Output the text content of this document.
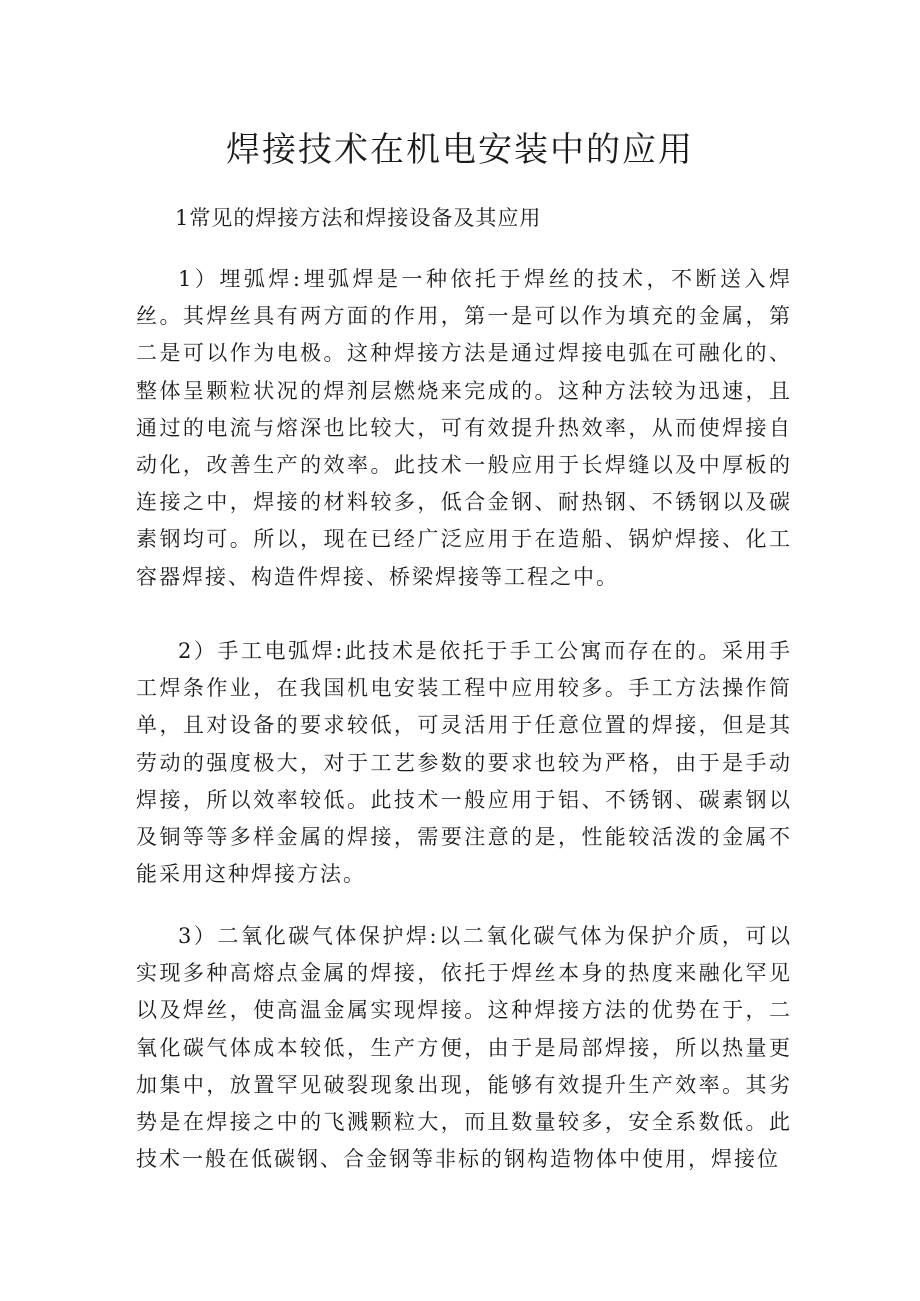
焊接技术在机电安装中的应用

1常见的焊接方法和焊接设备及其应用

1）埋弧焊:埋弧焊是一种依托于焊丝的技术，不断送入焊丝。其焊丝具有两方面的作用，第一是可以作为填充的金属，第二是可以作为电极。这种焊接方法是通过焊接电弧在可融化的、整体呈颗粒状况的焊剂层燃烧来完成的。这种方法较为迅速，且通过的电流与熔深也比较大，可有效提升热效率，从而使焊接自动化，改善生产的效率。此技术一般应用于长焊缝以及中厚板的连接之中，焊接的材料较多，低合金钢、耐热钢、不锈钢以及碳素钢均可。所以，现在已经广泛应用于在造船、锅炉焊接、化工容器焊接、构造件焊接、桥梁焊接等工程之中。

2）手工电弧焊:此技术是依托于手工公寓而存在的。采用手工焊条作业，在我国机电安装工程中应用较多。手工方法操作简单，且对设备的要求较低，可灵活用于任意位置的焊接，但是其劳动的强度极大，对于工艺参数的要求也较为严格，由于是手动焊接，所以效率较低。此技术一般应用于铝、不锈钢、碳素钢以及铜等等多样金属的焊接，需要注意的是，性能较活泼的金属不能采用这种焊接方法。

3）二氧化碳气体保护焊:以二氧化碳气体为保护介质，可以实现多种高熔点金属的焊接，依托于焊丝本身的热度来融化罕见以及焊丝，使高温金属实现焊接。这种焊接方法的优势在于，二氧化碳气体成本较低，生产方便，由于是局部焊接，所以热量更加集中，放置罕见破裂现象出现，能够有效提升生产效率。其劣势是在焊接之中的飞溅颗粒大，而且数量较多，安全系数低。此技术一般在低碳钢、合金钢等非标的钢构造物体中使用，焊接位
